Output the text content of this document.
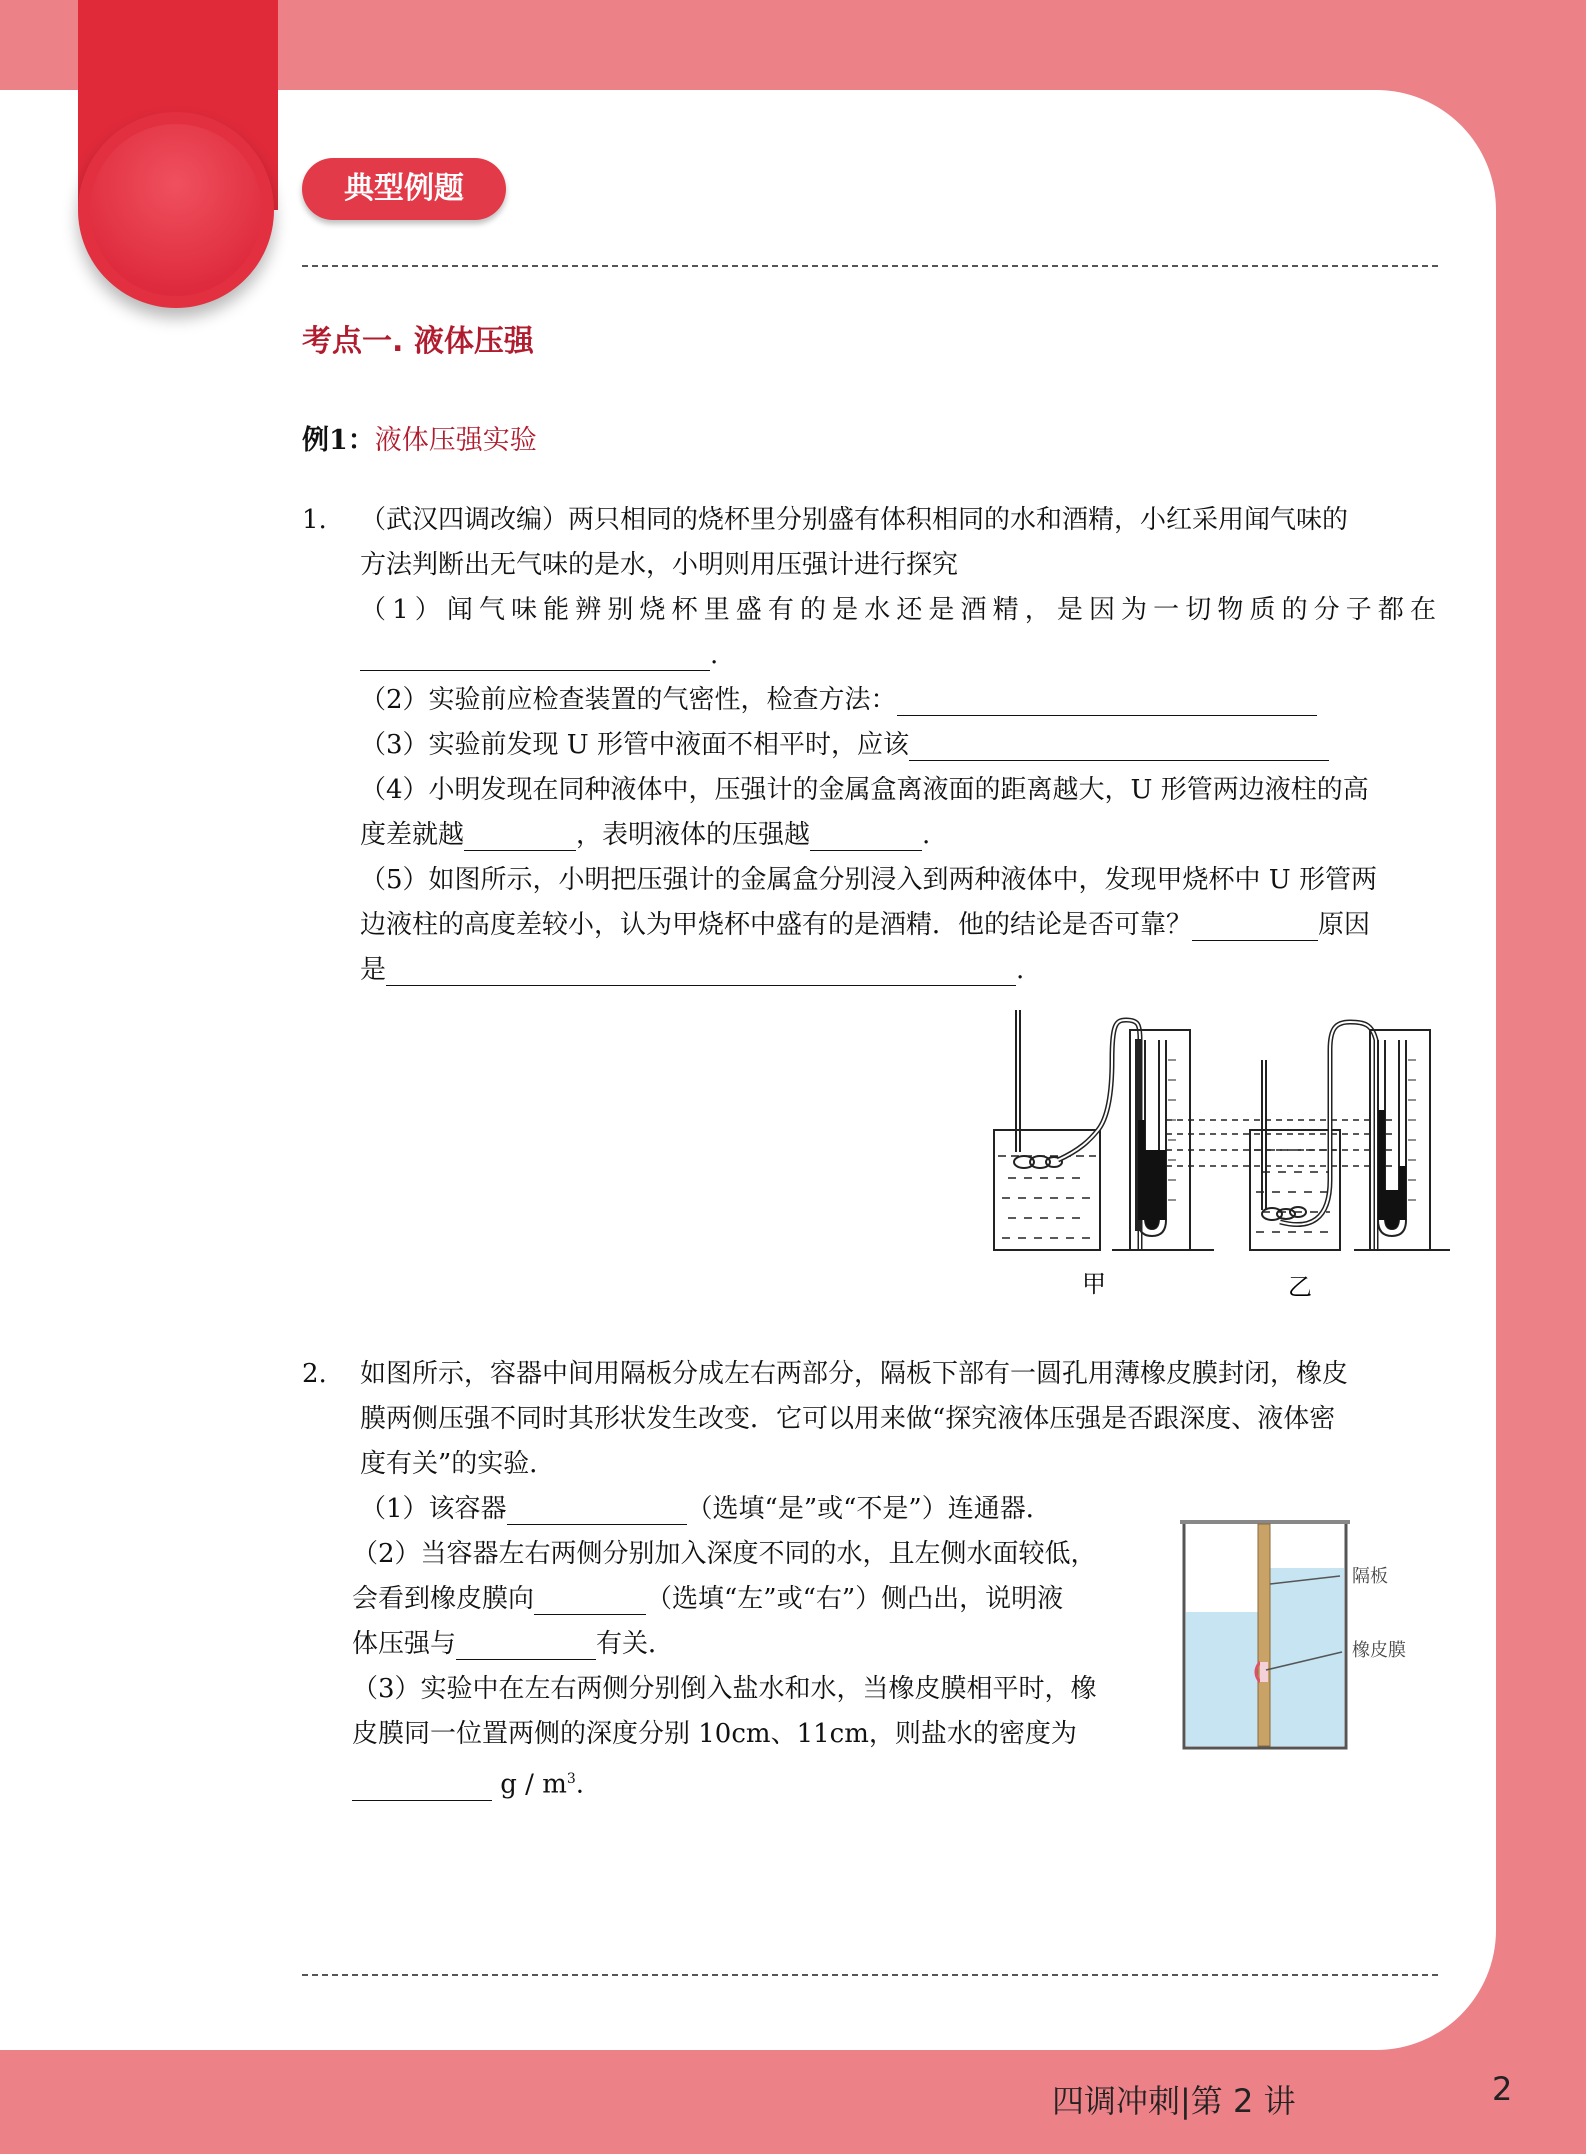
典型例题
考点一. 液体压强
例1：液体压强实验
1. （武汉四调改编）两只相同的烧杯里分别盛有体积相同的水和酒精，小红采用闻气味的
方法判断出无气味的是水，小明则用压强计进行探究
（1）闻气味能辨别烧杯里盛有的是水还是酒精，是因为一切物质的分子都在
.
（2）实验前应检查装置的气密性，检查方法：
（3）实验前发现 U 形管中液面不相平时，应该
（4）小明发现在同种液体中，压强计的金属盒离液面的距离越大，U 形管两边液柱的高
度差就越	，表明液体的压强越	.
（5）如图所示，小明把压强计的金属盒分别浸入到两种液体中，发现甲烧杯中 U 形管两
边液柱的高度差较小，认为甲烧杯中盛有的是酒精．他的结论是否可靠？	原因
是	.
甲	乙
2. 如图所示，容器中间用隔板分成左右两部分，隔板下部有一圆孔用薄橡皮膜封闭，橡皮
膜两侧压强不同时其形状发生改变．它可以用来做“探究液体压强是否跟深度、液体密
度有关”的实验．
（1）该容器	（选填“是”或“不是”）连通器．
（2）当容器左右两侧分别加入深度不同的水，且左侧水面较低，
会看到橡皮膜向	（选填“左”或“右”）侧凸出，说明液
体压强与	有关．
（3）实验中在左右两侧分别倒入盐水和水，当橡皮膜相平时，橡
皮膜同一位置两侧的深度分别 10cm、11cm，则盐水的密度为
g / $m^3$.
隔板
橡皮膜
四调冲刺|第 2 讲	2
